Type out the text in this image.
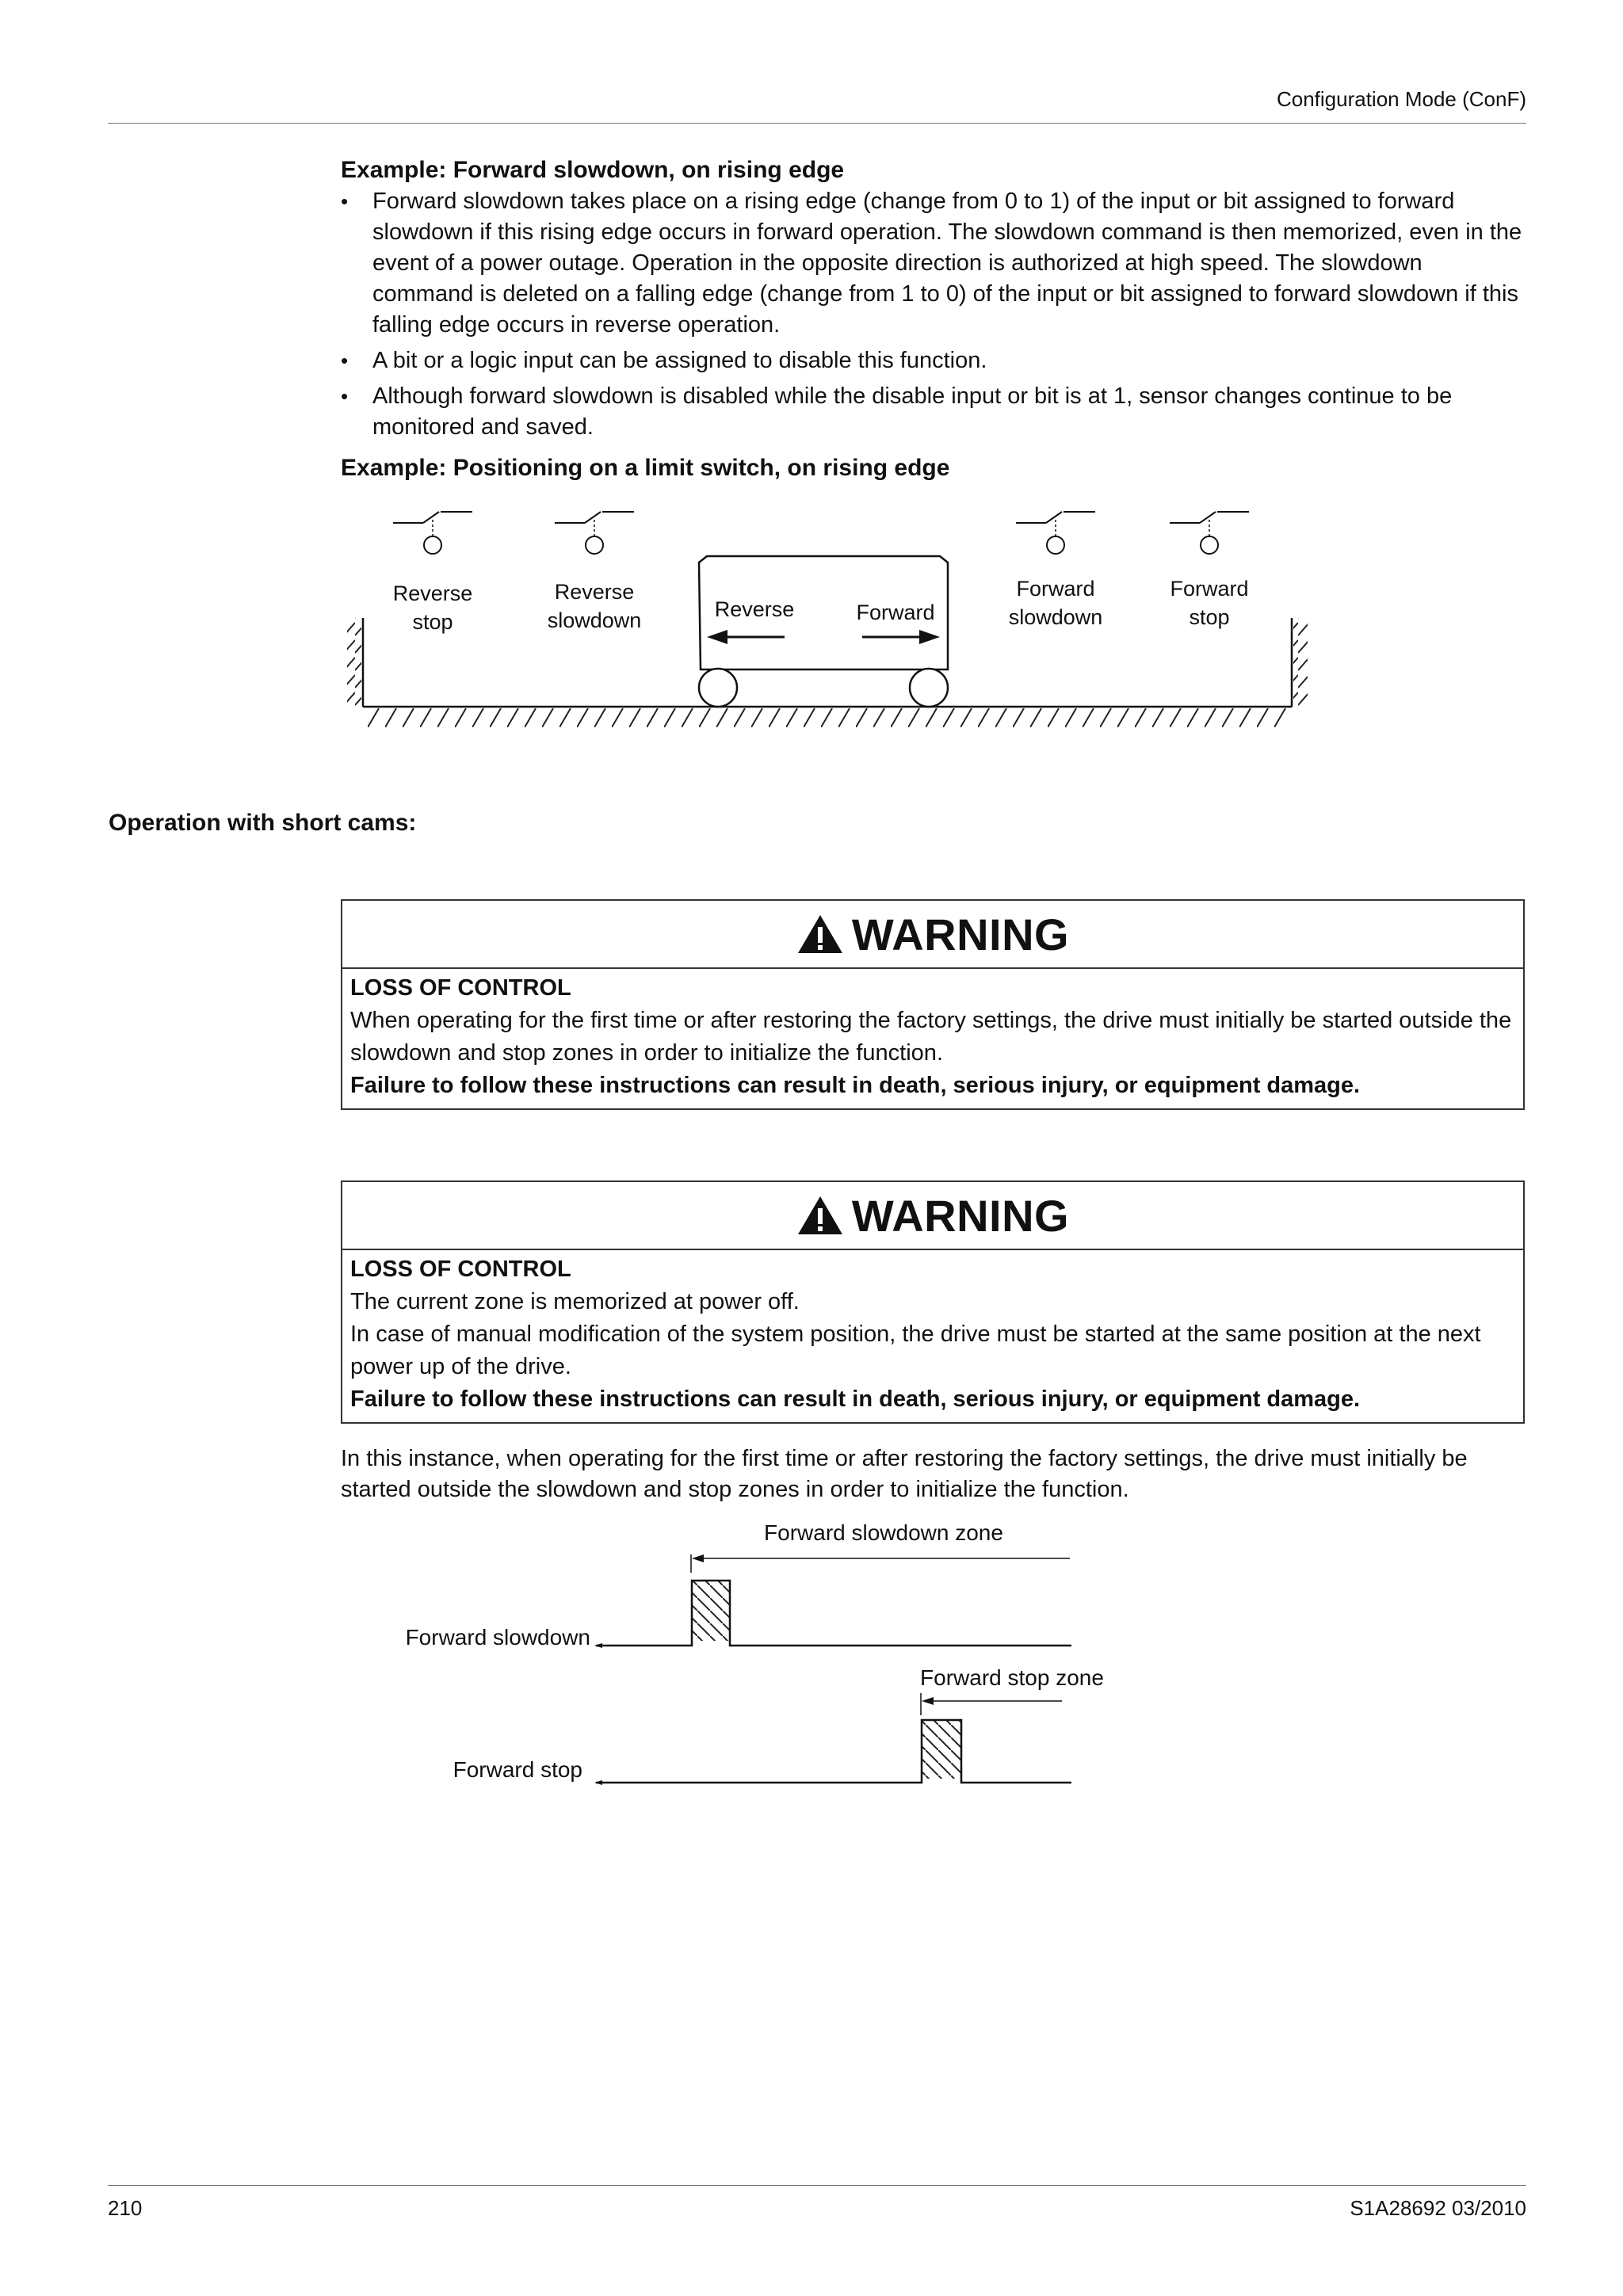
Configuration Mode (ConF)
Example: Forward slowdown, on rising edge
• Forward slowdown takes place on a rising edge (change from 0 to 1) of the input or bit assigned to forward slowdown if this rising edge occurs in forward operation. The slowdown command is then memorized, even in the event of a power outage. Operation in the opposite direction is authorized at high speed. The slowdown command is deleted on a falling edge (change from 1 to 0) of the input or bit assigned to forward slowdown if this falling edge occurs in reverse operation.
• A bit or a logic input can be assigned to disable this function.
• Although forward slowdown is disabled while the disable input or bit is at 1, sensor changes continue to be monitored and saved.
Example: Positioning on a limit switch, on rising edge
Reverse
stop
Reverse
slowdown
Forward
slowdown
Forward
stop
Reverse	Forward
Operation with short cams:
WARNING
LOSS OF CONTROL
When operating for the first time or after restoring the factory settings, the drive must initially be started outside the slowdown and stop zones in order to initialize the function.
Failure to follow these instructions can result in death, serious injury, or equipment damage.
WARNING
LOSS OF CONTROL
The current zone is memorized at power off.
In case of manual modification of the system position, the drive must be started at the same position at the next power up of the drive.
Failure to follow these instructions can result in death, serious injury, or equipment damage.
In this instance, when operating for the first time or after restoring the factory settings, the drive must initially be started outside the slowdown and stop zones in order to initialize the function.
Forward slowdown zone
Forward stop zone
Forward slowdown
Forward stop
210	S1A28692 03/2010
